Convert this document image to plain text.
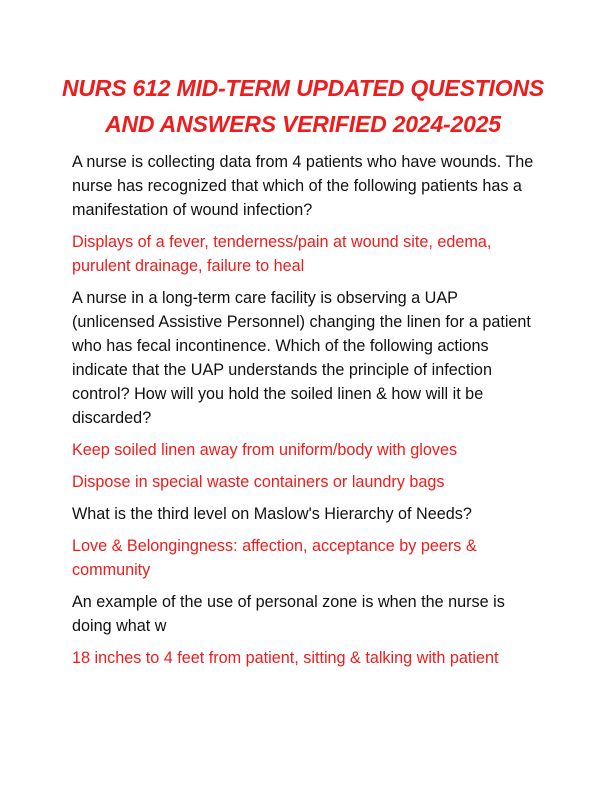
NURS 612 MID-TERM UPDATED QUESTIONS
AND ANSWERS VERIFIED 2024-2025

A nurse is collecting data from 4 patients who have wounds. The nurse has recognized that which of the following patients has a manifestation of wound infection?

Displays of a fever, tenderness/pain at wound site, edema, purulent drainage, failure to heal

A nurse in a long-term care facility is observing a UAP (unlicensed Assistive Personnel) changing the linen for a patient who has fecal incontinence. Which of the following actions indicate that the UAP understands the principle of infection control? How will you hold the soiled linen & how will it be discarded?

Keep soiled linen away from uniform/body with gloves

Dispose in special waste containers or laundry bags

What is the third level on Maslow's Hierarchy of Needs?

Love & Belongingness: affection, acceptance by peers & community

An example of the use of personal zone is when the nurse is doing what w

18 inches to 4 feet from patient, sitting & talking with patient
